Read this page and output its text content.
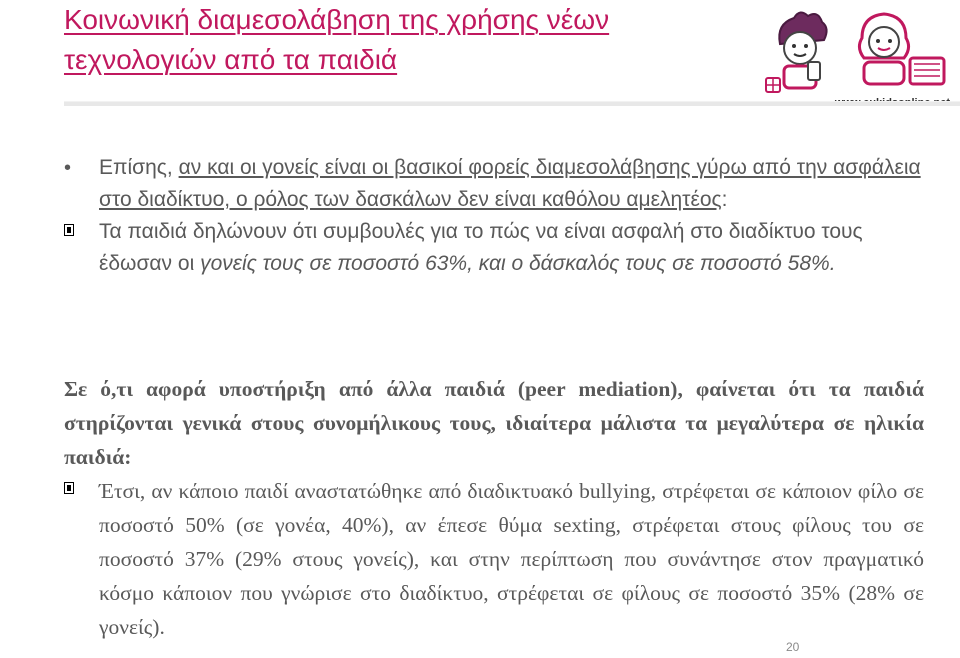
Κοινωνική διαμεσολάβηση της χρήσης νέων τεχνολογιών από τα παιδιά
• Επίσης, αν και οι γονείς είναι οι βασικοί φορείς διαμεσολάβησης γύρω από την ασφάλεια στο διαδίκτυο, ο ρόλος των δασκάλων δεν είναι καθόλου αμελητέος:
Τα παιδιά δηλώνουν ότι συμβουλές για το πώς να είναι ασφαλή στο διαδίκτυο τους έδωσαν οι γονείς τους σε ποσοστό 63%, και ο δάσκαλός τους σε ποσοστό 58%.
Σε ό,τι αφορά υποστήριξη από άλλα παιδιά (peer mediation), φαίνεται ότι τα παιδιά στηρίζονται γενικά στους συνομήλικους τους, ιδιαίτερα μάλιστα τα μεγαλύτερα σε ηλικία παιδιά:
Έτσι, αν κάποιο παιδί αναστατώθηκε από διαδικτυακό bullying, στρέφεται σε κάποιον φίλο σε ποσοστό 50% (σε γονέα, 40%), αν έπεσε θύμα sexting, στρέφεται στους φίλους του σε ποσοστό 37% (29% στους γονείς), και στην περίπτωση που συνάντησε στον πραγματικό κόσμο κάποιον που γνώρισε στο διαδίκτυο, στρέφεται σε φίλους σε ποσοστό 35% (28% σε γονείς).
20
